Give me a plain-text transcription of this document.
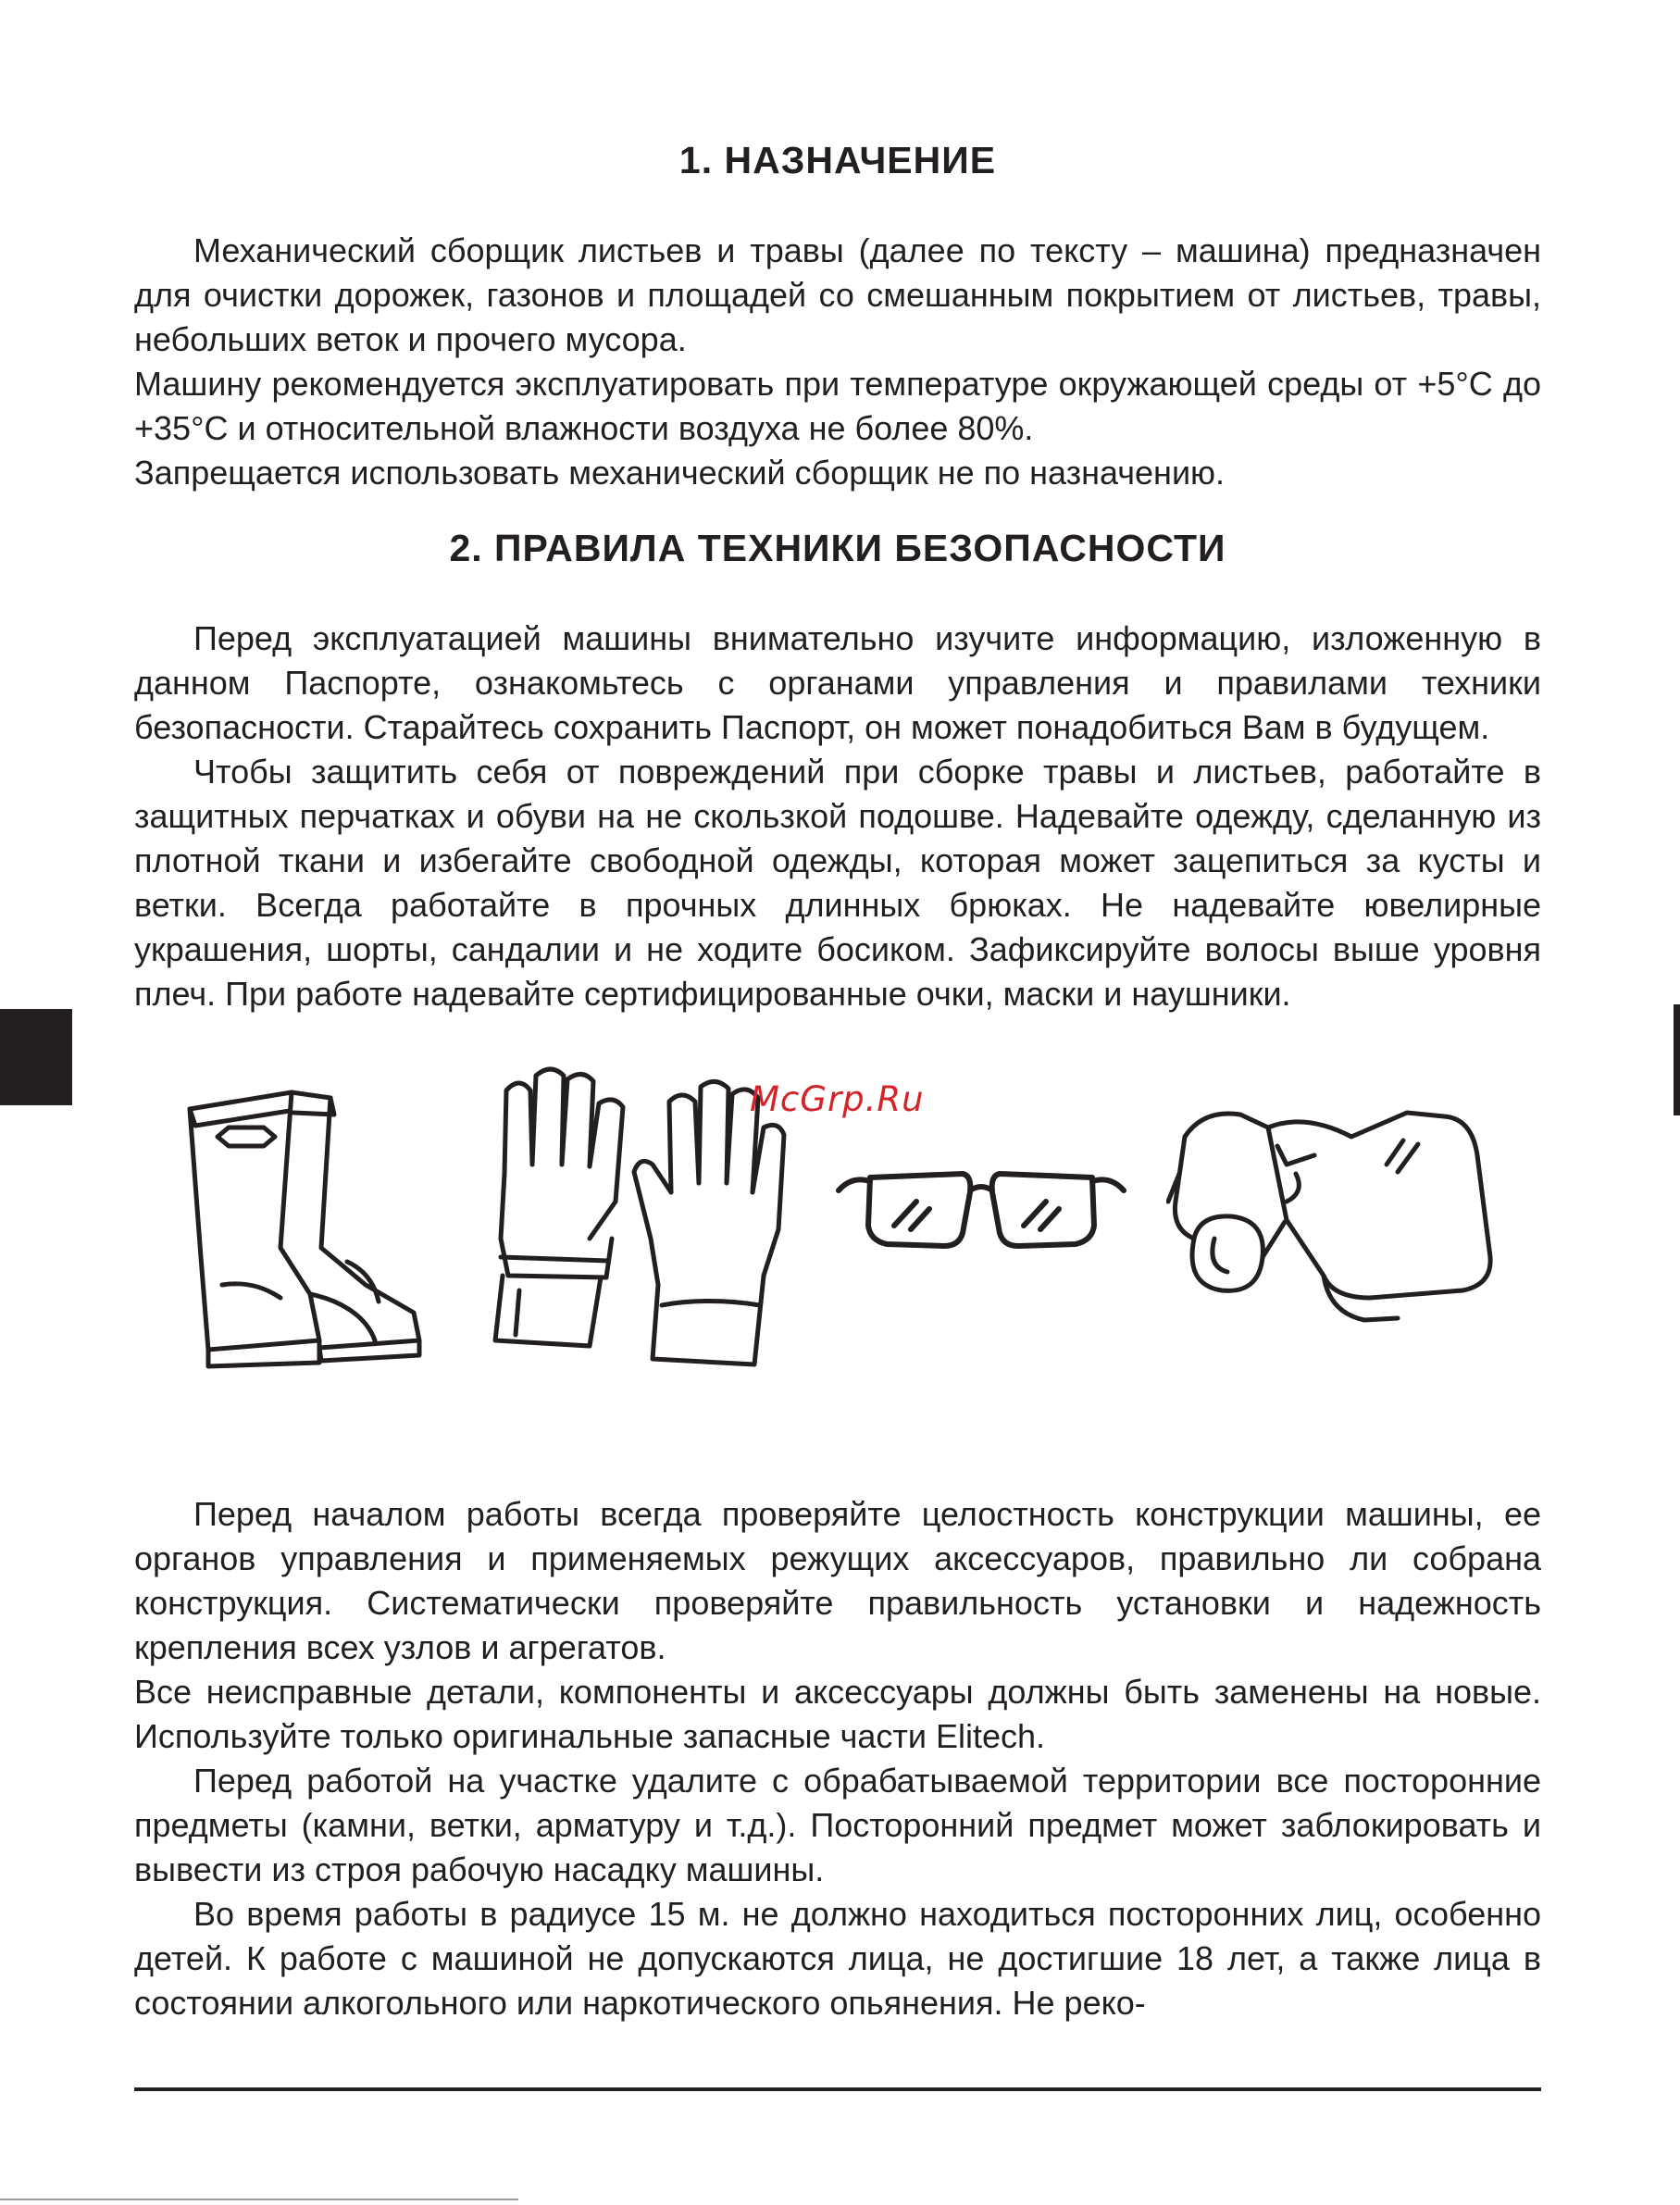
1. НАЗНАЧЕНИЕ

Механический сборщик листьев и травы (далее по тексту – машина) предназначен для очистки дорожек, газонов и площадей со смешанным покрытием от листьев, травы, небольших веток и прочего мусора.

Машину рекомендуется эксплуатировать при температуре окружающей среды от +5°C до +35°C и относительной влажности воздуха не более 80%.

Запрещается использовать механический сборщик не по назначению.

2. ПРАВИЛА ТЕХНИКИ БЕЗОПАСНОСТИ

Перед эксплуатацией машины внимательно изучите информацию, изложенную в данном Паспорте, ознакомьтесь с органами управления и правилами техники безопасности. Старайтесь сохранить Паспорт, он может понадобиться Вам в будущем.

Чтобы защитить себя от повреждений при сборке травы и листьев, работайте в защитных перчатках и обуви на не скользкой подошве. Надевайте одежду, сделанную из плотной ткани и избегайте свободной одежды, которая может зацепиться за кусты и ветки. Всегда работайте в прочных длинных брюках. Не надевайте ювелирные украшения, шорты, сандалии и не ходите босиком. Зафиксируйте волосы выше уровня плеч. При работе надевайте сертифицированные очки, маски и наушники.

Перед началом работы всегда проверяйте целостность конструкции машины, ее органов управления и применяемых режущих аксессуаров, правильно ли собрана конструкция. Систематически проверяйте правильность установки и надежность крепления всех узлов и агрегатов.

Все неисправные детали, компоненты и аксессуары должны быть заменены на новые. Используйте только оригинальные запасные части Elitech.

Перед работой на участке удалите с обрабатываемой территории все посторонние предметы (камни, ветки, арматуру и т.д.). Посторонний предмет может заблокировать и вывести из строя рабочую насадку машины.

Во время работы в радиусе 15 м. не должно находиться посторонних лиц, особенно детей. К работе с машиной не допускаются лица, не достигшие 18 лет, а также лица в состоянии алкогольного или наркотического опьянения. Не реко-

McGrp.Ru
